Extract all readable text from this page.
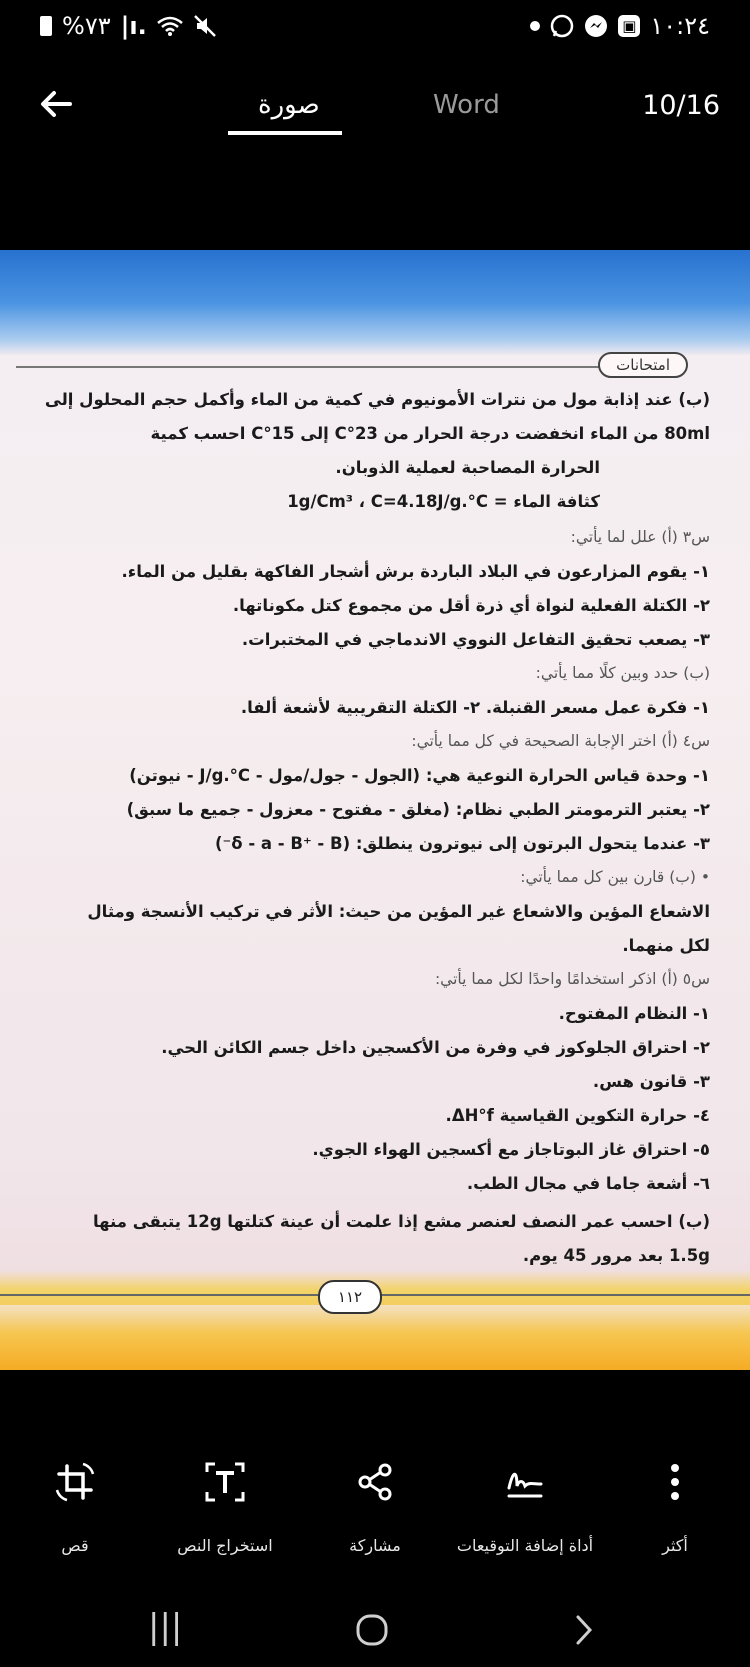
%٧٣ |ı.	▣ ١٠:٢٤
صورة	Word	10/16
امتحانات
(ب) عند إذابة مول من نترات الأمونيوم في كمية من الماء وأكمل حجم المحلول إلى
80ml من الماء انخفضت درجة الحرار من 23°C إلى 15°C احسب كمية
الحرارة المصاحبة لعملية الذوبان.
كثافة الماء = 1g/Cm³ ، C=4.18J/g.°C
س٣ (أ) علل لما يأتي:
١- يقوم المزارعون في البلاد الباردة برش أشجار الفاكهة بقليل من الماء.
٢- الكتلة الفعلية لنواة أي ذرة أقل من مجموع كتل مكوناتها.
٣- يصعب تحقيق التفاعل النووي الاندماجي في المختبرات.
(ب) حدد وبين كلًا مما يأتي:
١- فكرة عمل مسعر القنبلة. ٢- الكتلة التقريبية لأشعة ألفا.
س٤ (أ) اختر الإجابة الصحيحة في كل مما يأتي:
١- وحدة قياس الحرارة النوعية هي: (الجول - جول/مول - J/g.°C - نيوتن)
٢- يعتبر الترمومتر الطبي نظام: (مغلق - مفتوح - معزول - جميع ما سبق)
٣- عندما يتحول البرتون إلى نيوترون ينطلق: (δ - a - B⁺ - B⁻)
• (ب) قارن بين كل مما يأتي:
الاشعاع المؤين والاشعاع غير المؤين من حيث: الأثر في تركيب الأنسجة ومثال
لكل منهما.
س٥ (أ) اذكر استخدامًا واحدًا لكل مما يأتي:
١- النظام المفتوح.
٢- احتراق الجلوكوز في وفرة من الأكسجين داخل جسم الكائن الحي.
٣- قانون هس.
٤- حرارة التكوين القياسية ΔH°f.
٥- احتراق غاز البوتاجاز مع أكسجين الهواء الجوي.
٦- أشعة جاما في مجال الطب.
(ب) احسب عمر النصف لعنصر مشع إذا علمت أن عينة كتلتها 12g يتبقى منها
1.5g بعد مرور 45 يوم.
١١٢
أكثر
أداة إضافة التوقيعات
مشاركة
استخراج النص
قص
|||
